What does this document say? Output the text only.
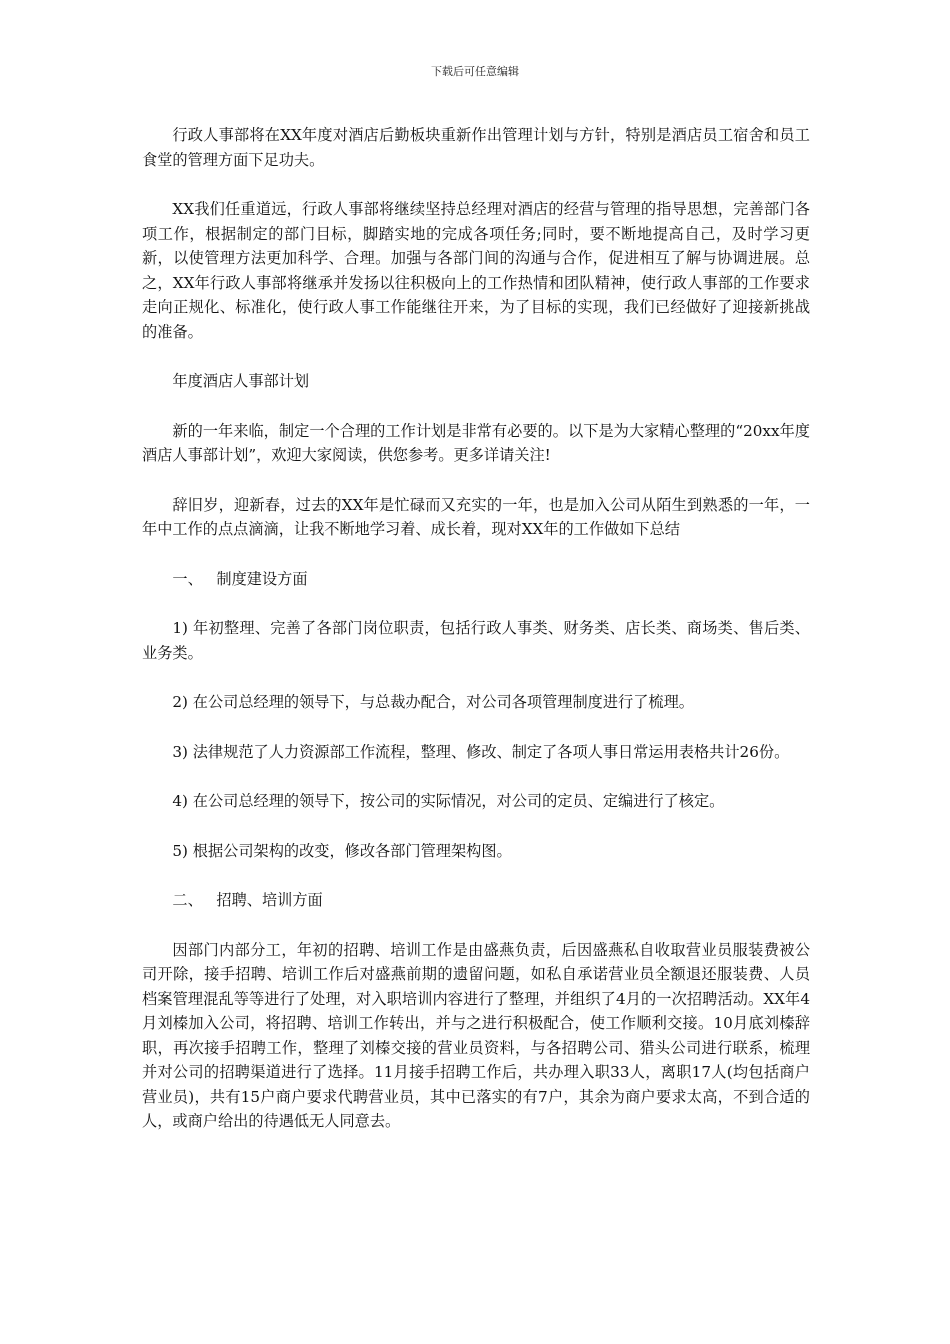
下载后可任意编辑

行政人事部将在XX年度对酒店后勤板块重新作出管理计划与方针，特别是酒店员工宿舍和员工食堂的管理方面下足功夫。

XX我们任重道远，行政人事部将继续坚持总经理对酒店的经营与管理的指导思想，完善部门各项工作，根据制定的部门目标，脚踏实地的完成各项任务;同时，要不断地提高自己，及时学习更新，以使管理方法更加科学、合理。加强与各部门间的沟通与合作，促进相互了解与协调进展。总之，XX年行政人事部将继承并发扬以往积极向上的工作热情和团队精神，使行政人事部的工作要求走向正规化、标准化，使行政人事工作能继往开来，为了目标的实现，我们已经做好了迎接新挑战的准备。

年度酒店人事部计划

新的一年来临，制定一个合理的工作计划是非常有必要的。以下是为大家精心整理的“20xx年度酒店人事部计划”，欢迎大家阅读，供您参考。更多详请关注!

辞旧岁，迎新春，过去的XX年是忙碌而又充实的一年，也是加入公司从陌生到熟悉的一年，一年中工作的点点滴滴，让我不断地学习着、成长着，现对XX年的工作做如下总结

一、 制度建设方面

1) 年初整理、完善了各部门岗位职责，包括行政人事类、财务类、店长类、商场类、售后类、业务类。

2) 在公司总经理的领导下，与总裁办配合，对公司各项管理制度进行了梳理。

3) 法律规范了人力资源部工作流程，整理、修改、制定了各项人事日常运用表格共计26份。

4) 在公司总经理的领导下，按公司的实际情况，对公司的定员、定编进行了核定。

5) 根据公司架构的改变，修改各部门管理架构图。

二、 招聘、培训方面

因部门内部分工，年初的招聘、培训工作是由盛燕负责，后因盛燕私自收取营业员服装费被公司开除，接手招聘、培训工作后对盛燕前期的遗留问题，如私自承诺营业员全额退还服装费、人员档案管理混乱等等进行了处理，对入职培训内容进行了整理，并组织了4月的一次招聘活动。XX年4月刘榛加入公司，将招聘、培训工作转出，并与之进行积极配合，使工作顺利交接。10月底刘榛辞职，再次接手招聘工作，整理了刘榛交接的营业员资料，与各招聘公司、猎头公司进行联系，梳理并对公司的招聘渠道进行了选择。11月接手招聘工作后，共办理入职33人，离职17人(均包括商户营业员)，共有15户商户要求代聘营业员，其中已落实的有7户，其余为商户要求太高，不到合适的人，或商户给出的待遇低无人同意去。
